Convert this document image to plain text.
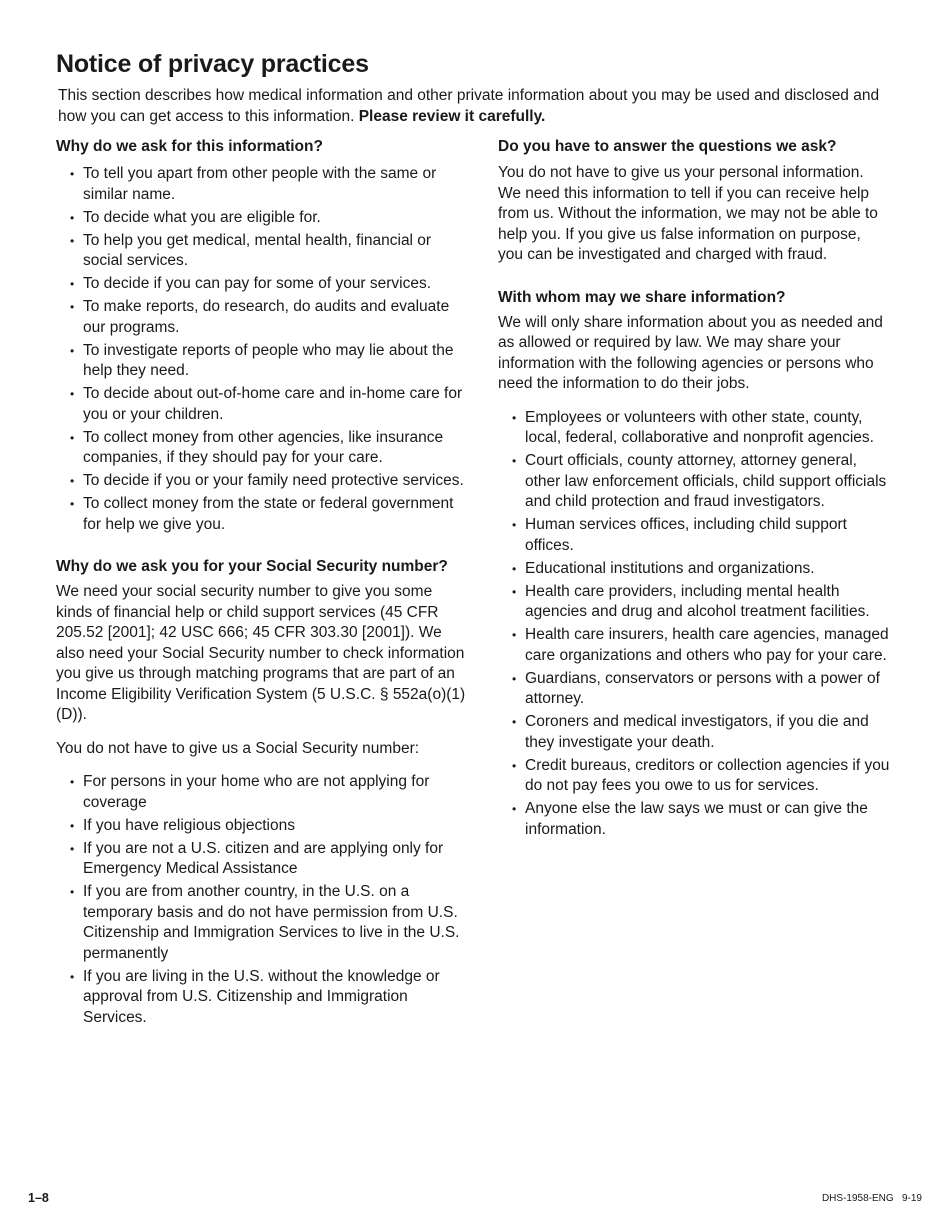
Notice of privacy practices

This section describes how medical information and other private information about you may be used and disclosed and how you can get access to this information. Please review it carefully.

Why do we ask for this information?
• To tell you apart from other people with the same or similar name.
• To decide what you are eligible for.
• To help you get medical, mental health, financial or social services.
• To decide if you can pay for some of your services.
• To make reports, do research, do audits and evaluate our programs.
• To investigate reports of people who may lie about the help they need.
• To decide about out-of-home care and in-home care for you or your children.
• To collect money from other agencies, like insurance companies, if they should pay for your care.
• To decide if you or your family need protective services.
• To collect money from the state or federal government for help we give you.
Why do we ask you for your Social Security number?

We need your social security number to give you some kinds of financial help or child support services (45 CFR 205.52 [2001]; 42 USC 666; 45 CFR 303.30 [2001]). We also need your Social Security number to check information you give us through matching programs that are part of an Income Eligibility Verification System (5 U.S.C. § 552a(o)(1)(D)).

You do not have to give us a Social Security number:

• For persons in your home who are not applying for coverage
• If you have religious objections
• If you are not a U.S. citizen and are applying only for Emergency Medical Assistance
• If you are from another country, in the U.S. on a temporary basis and do not have permission from U.S. Citizenship and Immigration Services to live in the U.S. permanently
• If you are living in the U.S. without the knowledge or approval from U.S. Citizenship and Immigration Services.
Do you have to answer the questions we ask?

You do not have to give us your personal information. We need this information to tell if you can receive help from us. Without the information, we may not be able to help you. If you give us false information on purpose, you can be investigated and charged with fraud.

With whom may we share information?

We will only share information about you as needed and as allowed or required by law. We may share your information with the following agencies or persons who need the information to do their jobs.

• Employees or volunteers with other state, county, local, federal, collaborative and nonprofit agencies.
• Court officials, county attorney, attorney general, other law enforcement officials, child support officials and child protection and fraud investigators.
• Human services offices, including child support offices.
• Educational institutions and organizations.
• Health care providers, including mental health agencies and drug and alcohol treatment facilities.
• Health care insurers, health care agencies, managed care organizations and others who pay for your care.
• Guardians, conservators or persons with a power of attorney.
• Coroners and medical investigators, if you die and they investigate your death.
• Credit bureaus, creditors or collection agencies if you do not pay fees you owe to us for services.
• Anyone else the law says we must or can give the information.
1–8	DHS-1958-ENG   9-19
